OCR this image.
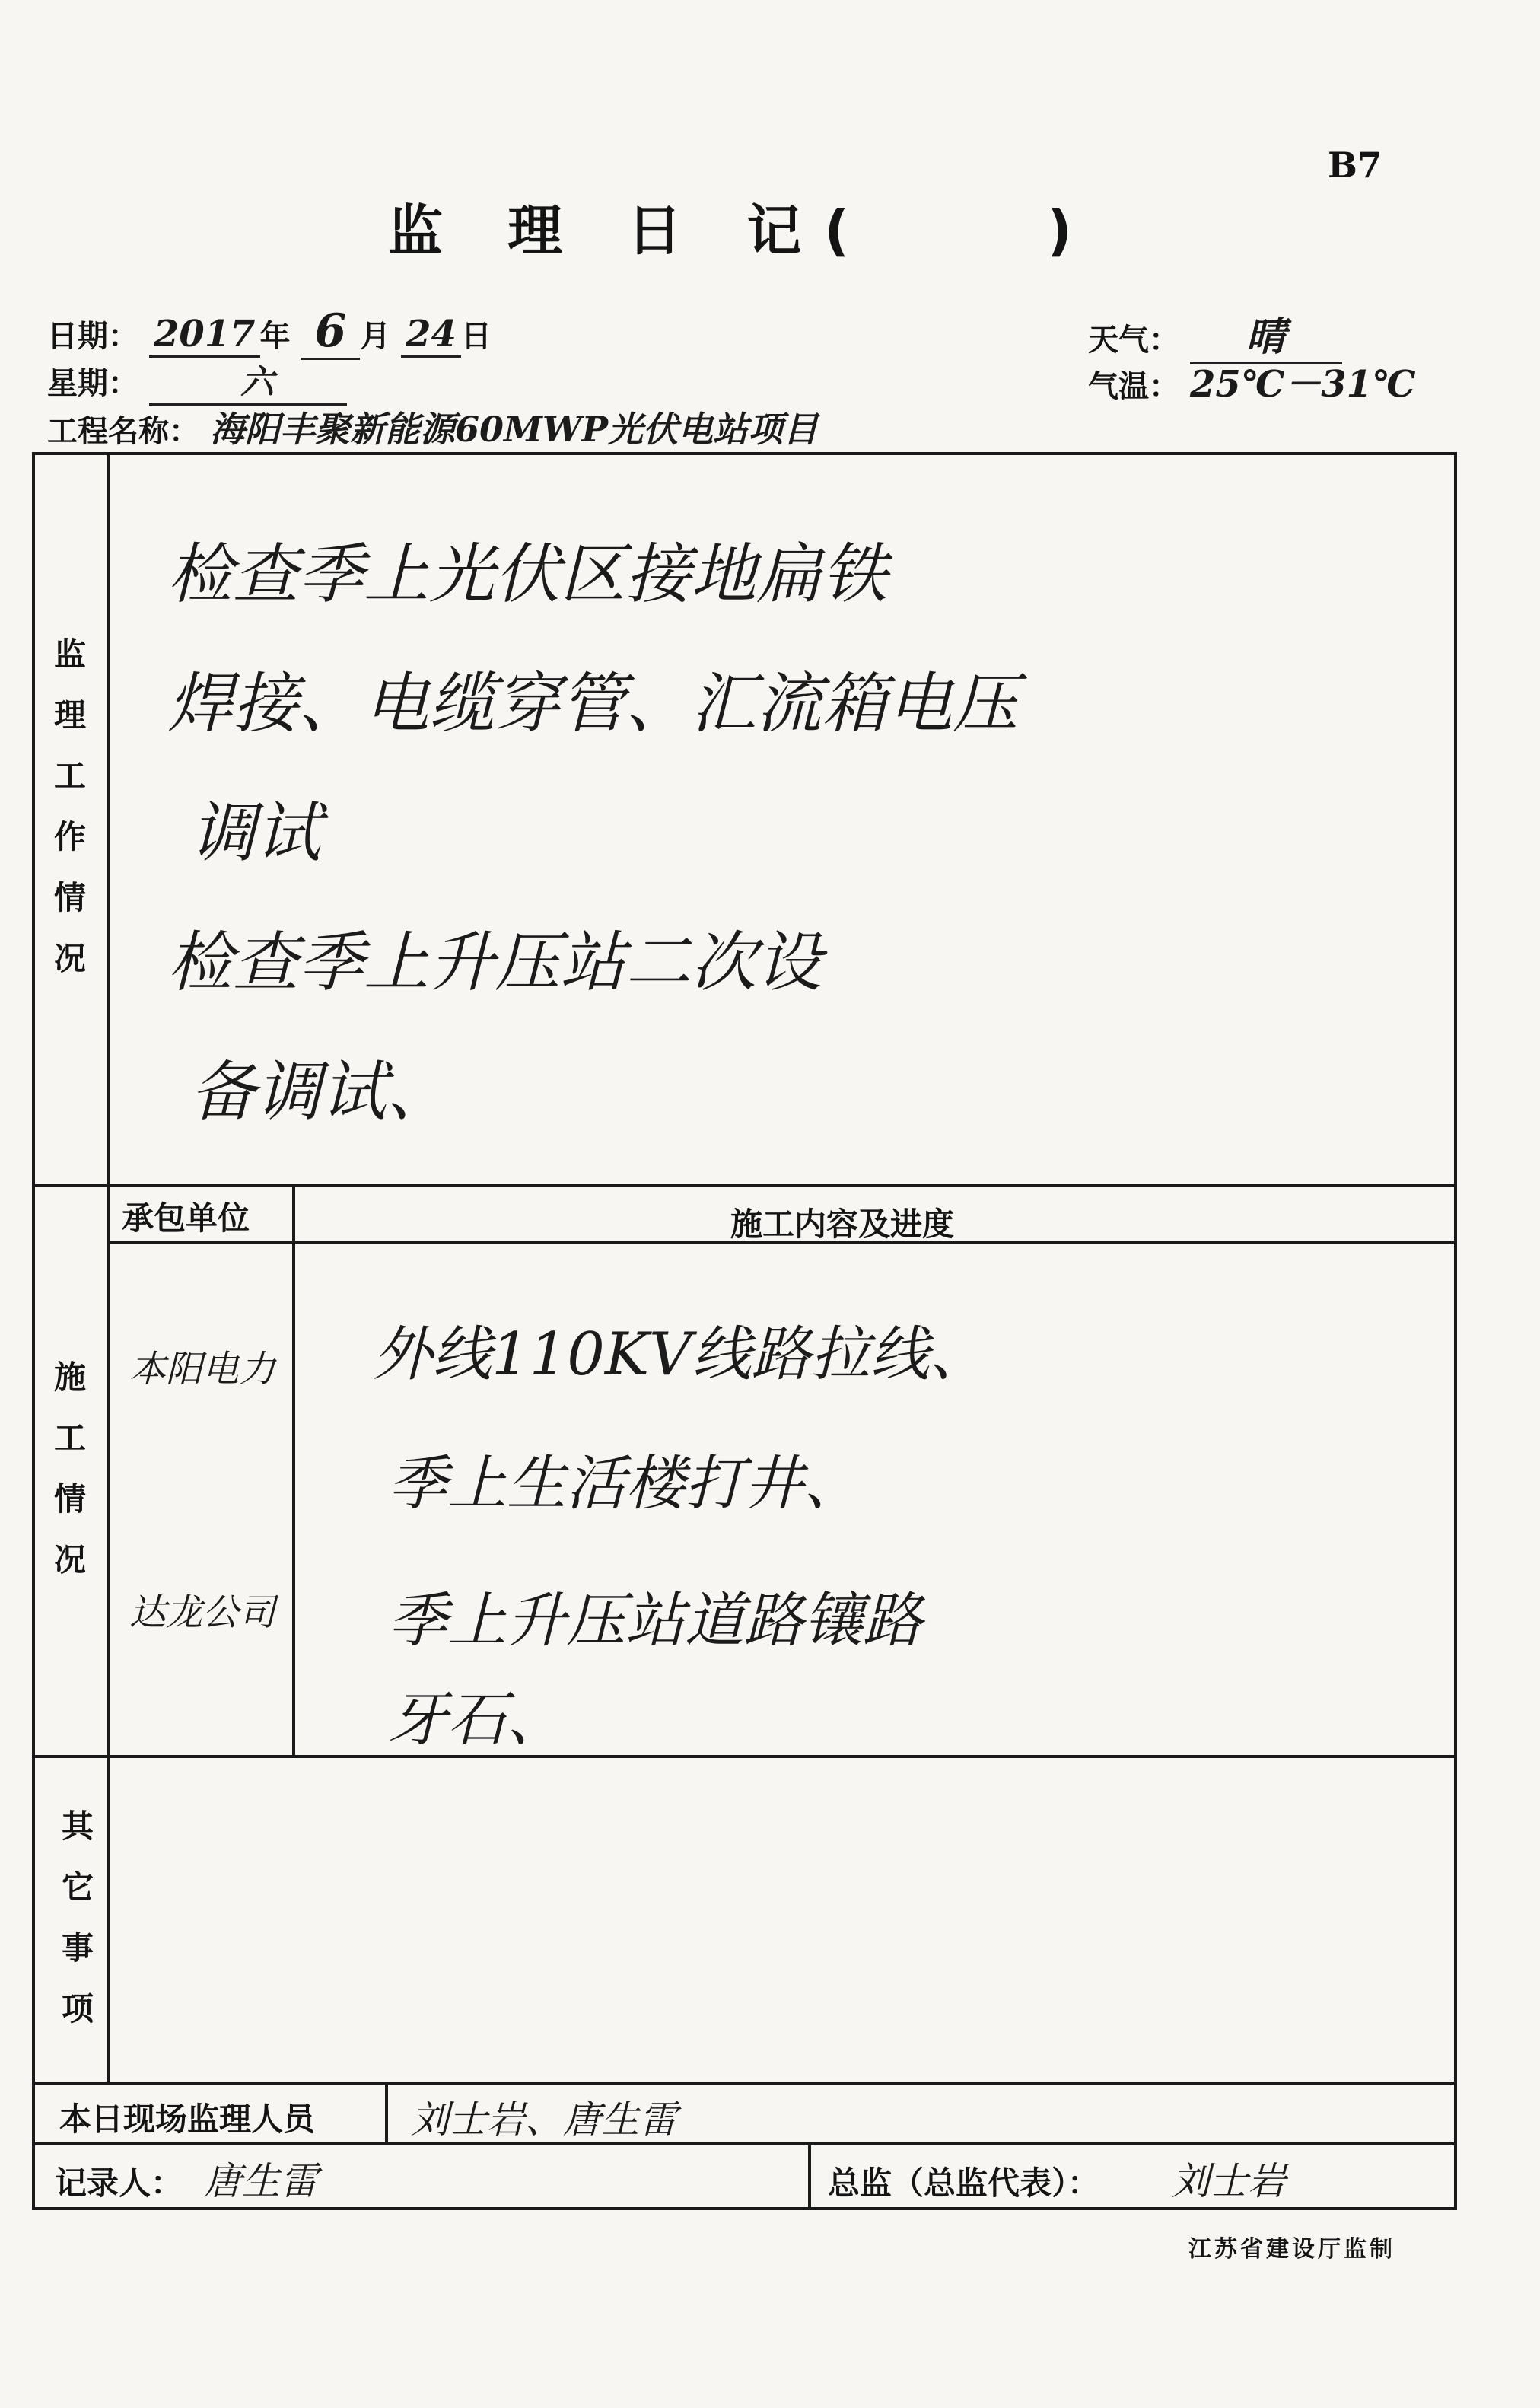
B7
监 理 日 记(	)
日期： 2017 年 6 月 24 日
星期：	六
工程名称： 海阳丰聚新能源60MWP光伏电站项目
天气： 晴
气温： 25℃－31℃
监理工作情况
检查季上光伏区接地扁铁
焊接、电缆穿管、汇流箱电压
调试
检查季上升压站二次设
备调试、
施工情况
承包单位	施工内容及进度
本阳电力 外线110KV线路拉线、
季上生活楼打井、
达龙公司 季上升压站道路镶路
牙石、
其它事项
本日现场监理人员	刘士岩、唐生雷
记录人： 唐生雷	总监（总监代表）： 刘士岩
江苏省建设厅监制
